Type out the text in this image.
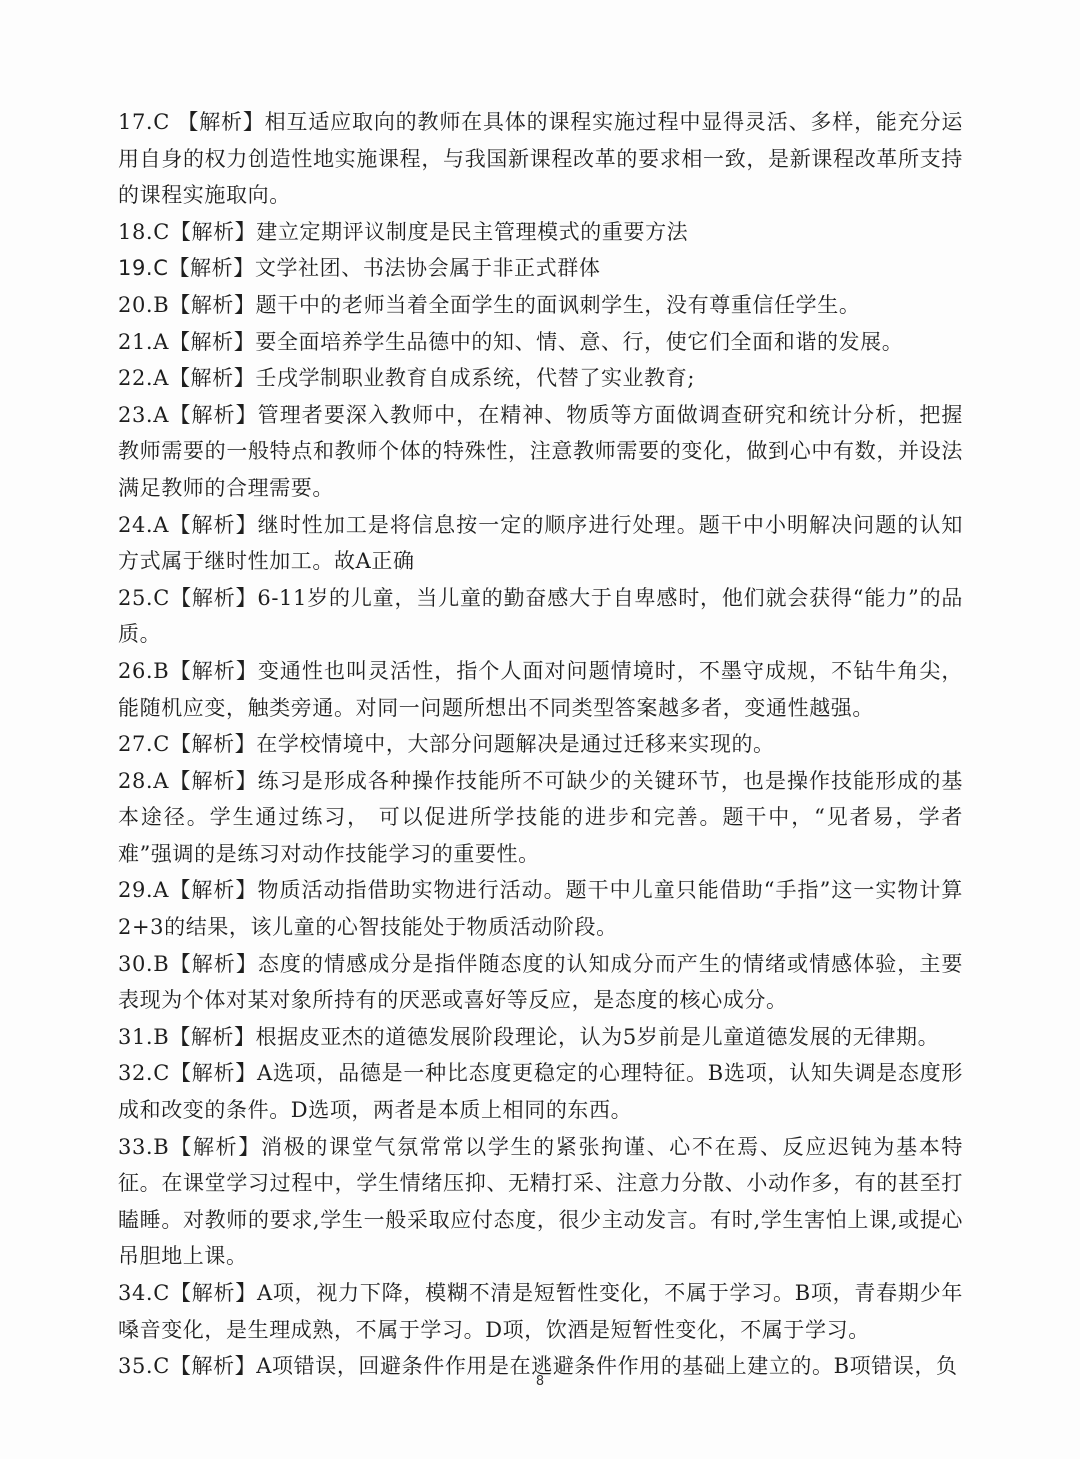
17.C 【解析】相互适应取向的教师在具体的课程实施过程中显得灵活、多样，能充分运用自身的权力创造性地实施课程，与我国新课程改革的要求相一致，是新课程改革所支持的课程实施取向。

18.C【解析】建立定期评议制度是民主管理模式的重要方法

19.C【解析】文学社团、书法协会属于非正式群体

20.B【解析】题干中的老师当着全面学生的面讽刺学生，没有尊重信任学生。

21.A【解析】要全面培养学生品德中的知、情、意、行，使它们全面和谐的发展。

22.A【解析】壬戌学制职业教育自成系统，代替了实业教育;

23.A【解析】管理者要深入教师中，在精神、物质等方面做调查研究和统计分析，把握教师需要的一般特点和教师个体的特殊性，注意教师需要的变化，做到心中有数，并设法满足教师的合理需要。

24.A【解析】继时性加工是将信息按一定的顺序进行处理。题干中小明解决问题的认知方式属于继时性加工。故A正确

25.C【解析】6-11岁的儿童，当儿童的勤奋感大于自卑感时，他们就会获得“能力”的品质。

26.B【解析】变通性也叫灵活性，指个人面对问题情境时，不墨守成规，不钻牛角尖，能随机应变，触类旁通。对同一问题所想出不同类型答案越多者，变通性越强。

27.C【解析】在学校情境中，大部分问题解决是通过迁移来实现的。

28.A【解析】练习是形成各种操作技能所不可缺少的关键环节，也是操作技能形成的基本途径。学生通过练习， 可以促进所学技能的进步和完善。题干中，“见者易，学者难”强调的是练习对动作技能学习的重要性。

29.A【解析】物质活动指借助实物进行活动。题干中儿童只能借助“手指”这一实物计算2+3的结果，该儿童的心智技能处于物质活动阶段。

30.B【解析】态度的情感成分是指伴随态度的认知成分而产生的情绪或情感体验，主要表现为个体对某对象所持有的厌恶或喜好等反应，是态度的核心成分。

31.B【解析】根据皮亚杰的道德发展阶段理论，认为5岁前是儿童道德发展的无律期。

32.C【解析】A选项，品德是一种比态度更稳定的心理特征。B选项，认知失调是态度形成和改变的条件。D选项，两者是本质上相同的东西。

33.B【解析】消极的课堂气氛常常以学生的紧张拘谨、心不在焉、反应迟钝为基本特征。在课堂学习过程中，学生情绪压抑、无精打采、注意力分散、小动作多，有的甚至打瞌睡。对教师的要求,学生一般采取应付态度，很少主动发言。有时,学生害怕上课,或提心吊胆地上课。

34.C【解析】A项，视力下降，模糊不清是短暂性变化，不属于学习。B项，青春期少年嗓音变化，是生理成熟，不属于学习。D项，饮酒是短暂性变化，不属于学习。

35.C【解析】A项错误，回避条件作用是在逃避条件作用的基础上建立的。B项错误，负

8
